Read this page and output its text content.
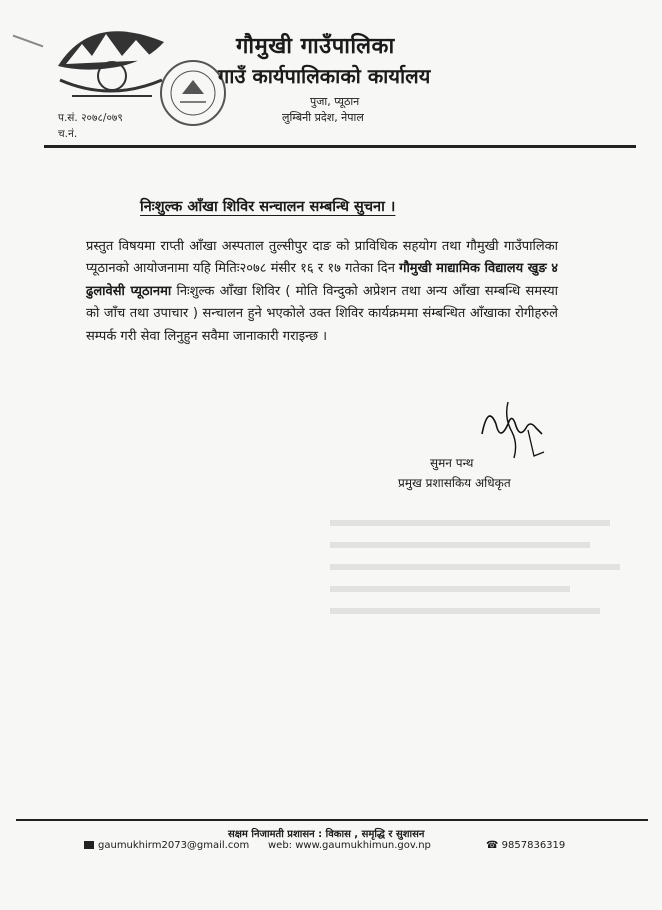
गौमुखी गाउँपालिका
गाउँ कार्यपालिकाको कार्यालय
पुजा, प्यूठान
लुम्बिनी प्रदेश, नेपाल
प.सं. २०७८/०७९
च.नं.
निःशुल्क आँखा शिविर सन्चालन सम्बन्धि सुचना ।
प्रस्तुत विषयमा राप्ती आँखा अस्पताल तुल्सीपुर दाङ को प्राविधिक सहयोग तथा गौमुखी गाउँपालिका प्यूठानको आयोजनामा यहि मितिः२०७८ मंसीर १६ र १७ गतेका दिन गौमुखी माद्यामिक विद्यालय खुङ ४ ढुलावेसी प्यूठानमा निःशुल्क आँखा शिविर ( मोति विन्दुको अप्रेशन तथा अन्य आँखा सम्बन्धि समस्या को जाँच तथा उपाचार ) सन्चालन हुने भएकोले उक्त शिविर कार्यक्रममा संम्बन्धित आँखाका रोगीहरुले सम्पर्क गरी सेवा लिनुहुन सवैमा जानाकारी गराइन्छ ।
सुमन पन्थ
प्रमुख प्रशासकिय अधिकृत
सक्षम निजामती प्रशासन : विकास , समृद्धि र सुशासन
gaumukhirm2073@gmail.com web: www.gaumukhimun.gov.np	☎ 9857836319
